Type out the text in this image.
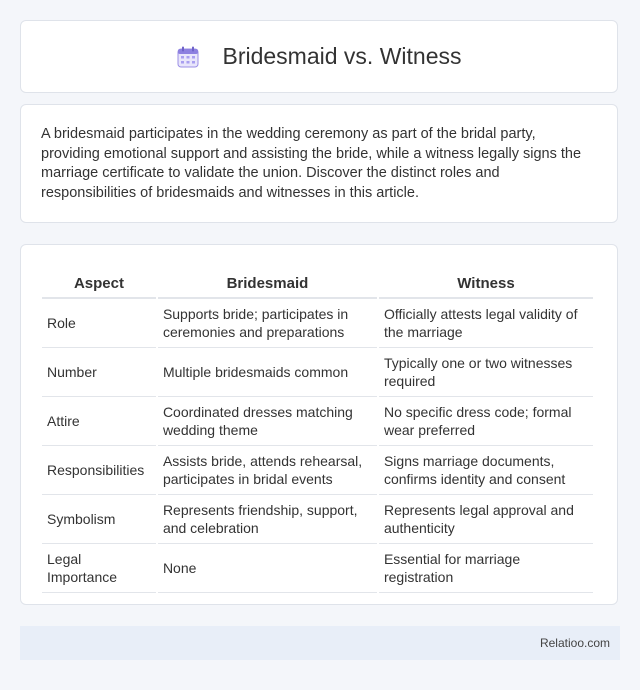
Bridesmaid vs. Witness

A bridesmaid participates in the wedding ceremony as part of the bridal party, providing emotional support and assisting the bride, while a witness legally signs the marriage certificate to validate the union. Discover the distinct roles and responsibilities of bridesmaids and witnesses in this article.

Aspect	Bridesmaid	Witness
Role	Supports bride; participates in ceremonies and preparations	Officially attests legal validity of the marriage
Number	Multiple bridesmaids common	Typically one or two witnesses required
Attire	Coordinated dresses matching wedding theme	No specific dress code; formal wear preferred
Responsibilities	Assists bride, attends rehearsal, participates in bridal events	Signs marriage documents, confirms identity and consent
Symbolism	Represents friendship, support, and celebration	Represents legal approval and authenticity
Legal Importance	None	Essential for marriage registration
Relatioo.com
